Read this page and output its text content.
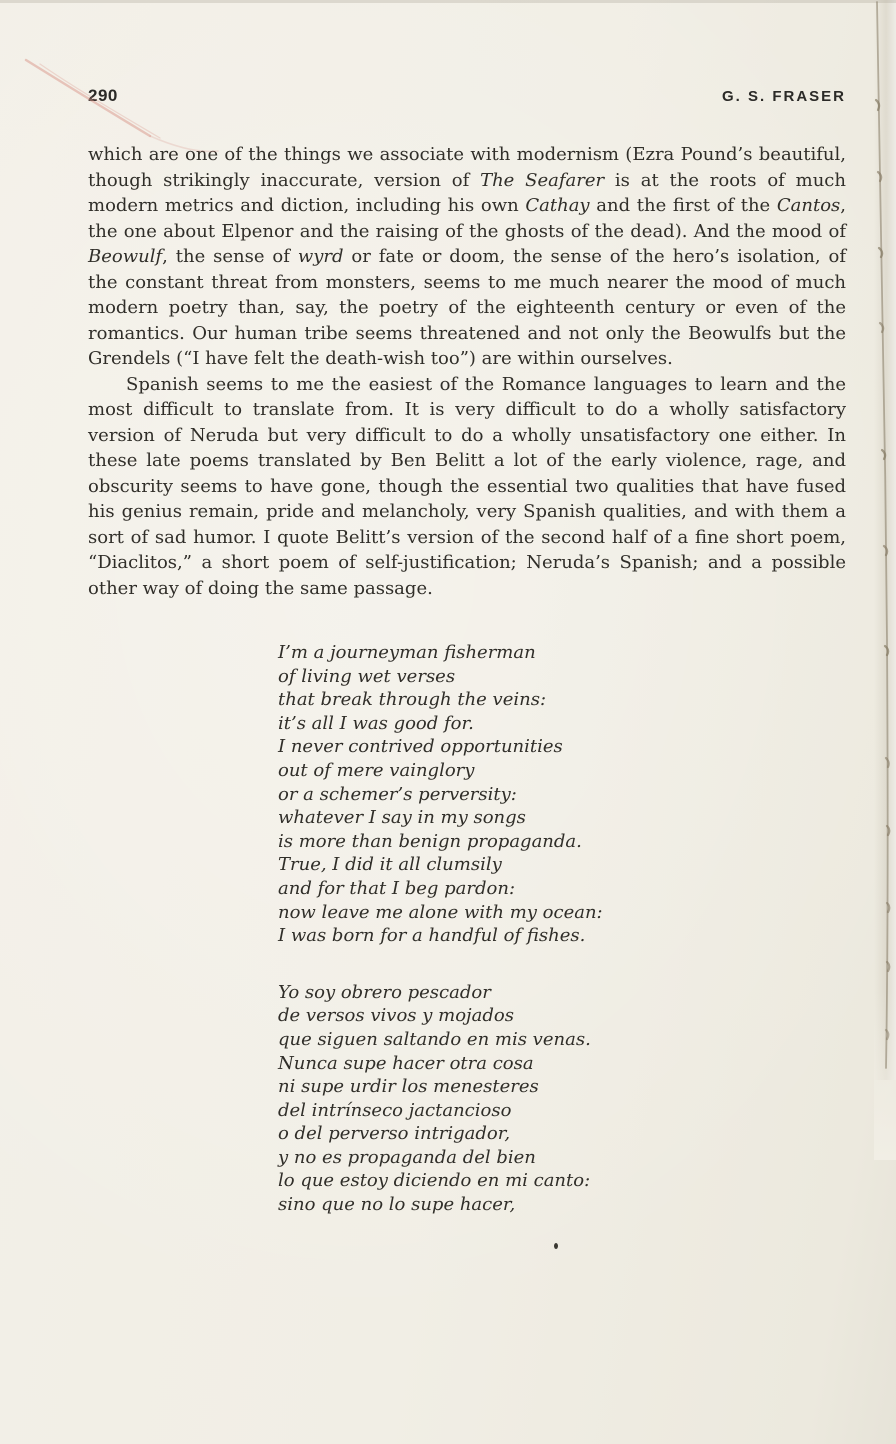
290	G. S. FRASER

which are one of the things we associate with modernism (Ezra Pound’s beautiful, though strikingly inaccurate, version of The Seafarer is at the roots of much modern metrics and diction, including his own Cathay and the first of the Cantos, the one about Elpenor and the raising of the ghosts of the dead). And the mood of Beowulf, the sense of wyrd or fate or doom, the sense of the hero’s isolation, of the constant threat from monsters, seems to me much nearer the mood of much modern poetry than, say, the poetry of the eighteenth century or even of the romantics. Our human tribe seems threatened and not only the Beowulfs but the Grendels (“I have felt the death-wish too”) are within ourselves.

Spanish seems to me the easiest of the Romance languages to learn and the most difficult to translate from. It is very difficult to do a wholly satisfactory version of Neruda but very difficult to do a wholly unsatisfactory one either. In these late poems translated by Ben Belitt a lot of the early violence, rage, and obscurity seems to have gone, though the essential two qualities that have fused his genius remain, pride and melancholy, very Spanish qualities, and with them a sort of sad humor. I quote Belitt’s version of the second half of a fine short poem, “Diaclitos,” a short poem of self-justification; Neruda’s Spanish; and a possible other way of doing the same passage.

I’m a journeyman fisherman
of living wet verses
that break through the veins:
it’s all I was good for.
I never contrived opportunities
out of mere vainglory
or a schemer’s perversity:
whatever I say in my songs
is more than benign propaganda.
True, I did it all clumsily
and for that I beg pardon:
now leave me alone with my ocean:
I was born for a handful of fishes.
Yo soy obrero pescador
de versos vivos y mojados
que siguen saltando en mis venas.
Nunca supe hacer otra cosa
ni supe urdir los menesteres
del intrínseco jactancioso
o del perverso intrigador,
y no es propaganda del bien
lo que estoy diciendo en mi canto:
sino que no lo supe hacer,
